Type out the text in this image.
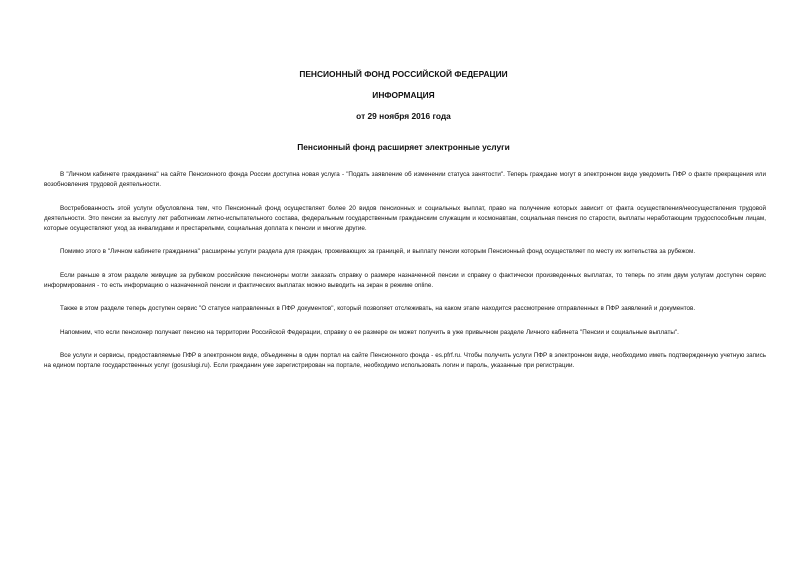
ПЕНСИОННЫЙ ФОНД РОССИЙСКОЙ ФЕДЕРАЦИИ
ИНФОРМАЦИЯ
от 29 ноября 2016 года
Пенсионный фонд расширяет электронные услуги

В "Личном кабинете гражданина" на сайте Пенсионного фонда России доступна новая услуга - "Подать заявление об изменении статуса занятости". Теперь граждане могут в электронном виде уведомить ПФР о факте прекращения или возобновления трудовой деятельности.

Востребованность этой услуги обусловлена тем, что Пенсионный фонд осуществляет более 20 видов пенсионных и социальных выплат, право на получение которых зависит от факта осуществления/неосуществления трудовой деятельности. Это пенсии за выслугу лет работникам летно-испытательного состава, федеральным государственным гражданским служащим и космонавтам, социальная пенсия по старости, выплаты неработающим трудоспособным лицам, которые осуществляют уход за инвалидами и престарелыми, социальная доплата к пенсии и многие другие.

Помимо этого в "Личном кабинете гражданина" расширены услуги раздела для граждан, проживающих за границей, и выплату пенсии которым Пенсионный фонд осуществляет по месту их жительства за рубежом.

Если раньше в этом разделе живущие за рубежом российские пенсионеры могли заказать справку о размере назначенной пенсии и справку о фактически произведенных выплатах, то теперь по этим двум услугам доступен сервис информирования - то есть информацию о назначенной пенсии и фактических выплатах можно выводить на экран в режиме online.

Также в этом разделе теперь доступен сервис "О статусе направленных в ПФР документов", который позволяет отслеживать, на каком этапе находится рассмотрение отправленных в ПФР заявлений и документов.

Напомним, что если пенсионер получает пенсию на территории Российской Федерации, справку о ее размере он может получить в уже привычном разделе Личного кабинета "Пенсии и социальные выплаты".

Все услуги и сервисы, предоставляемые ПФР в электронном виде, объединены в один портал на сайте Пенсионного фонда - es.pfrf.ru. Чтобы получить услуги ПФР в электронном виде, необходимо иметь подтвержденную учетную запись на едином портале государственных услуг (gosuslugi.ru). Если гражданин уже зарегистрирован на портале, необходимо использовать логин и пароль, указанные при регистрации.
